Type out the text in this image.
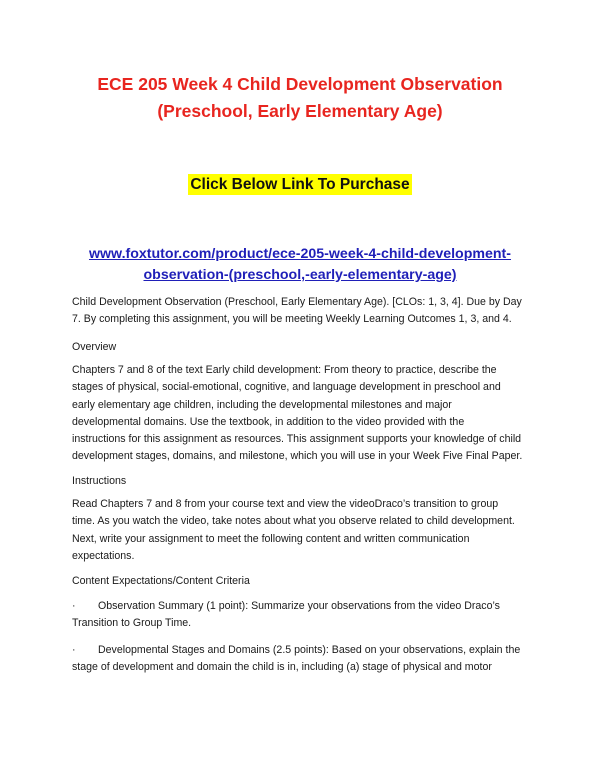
ECE 205 Week 4 Child Development Observation
(Preschool, Early Elementary Age)
Click Below Link To Purchase
www.foxtutor.com/product/ece-205-week-4-child-development-
observation-(preschool,-early-elementary-age)
Child Development Observation (Preschool, Early Elementary Age). [CLOs: 1, 3, 4]. Due by Day
7. By completing this assignment, you will be meeting Weekly Learning Outcomes 1, 3, and 4.
Overview
Chapters 7 and 8 of the text Early child development: From theory to practice, describe the
stages of physical, social-emotional, cognitive, and language development in preschool and
early elementary age children, including the developmental milestones and major
developmental domains. Use the textbook, in addition to the video provided with the
instructions for this assignment as resources. This assignment supports your knowledge of child
development stages, domains, and milestone, which you will use in your Week Five Final Paper.
Instructions
Read Chapters 7 and 8 from your course text and view the videoDraco’s transition to group
time. As you watch the video, take notes about what you observe related to child development.
Next, write your assignment to meet the following content and written communication
expectations.
Content Expectations/Content Criteria
· Observation Summary (1 point): Summarize your observations from the video Draco’s
Transition to Group Time.
· Developmental Stages and Domains (2.5 points): Based on your observations, explain the
stage of development and domain the child is in, including (a) stage of physical and motor
